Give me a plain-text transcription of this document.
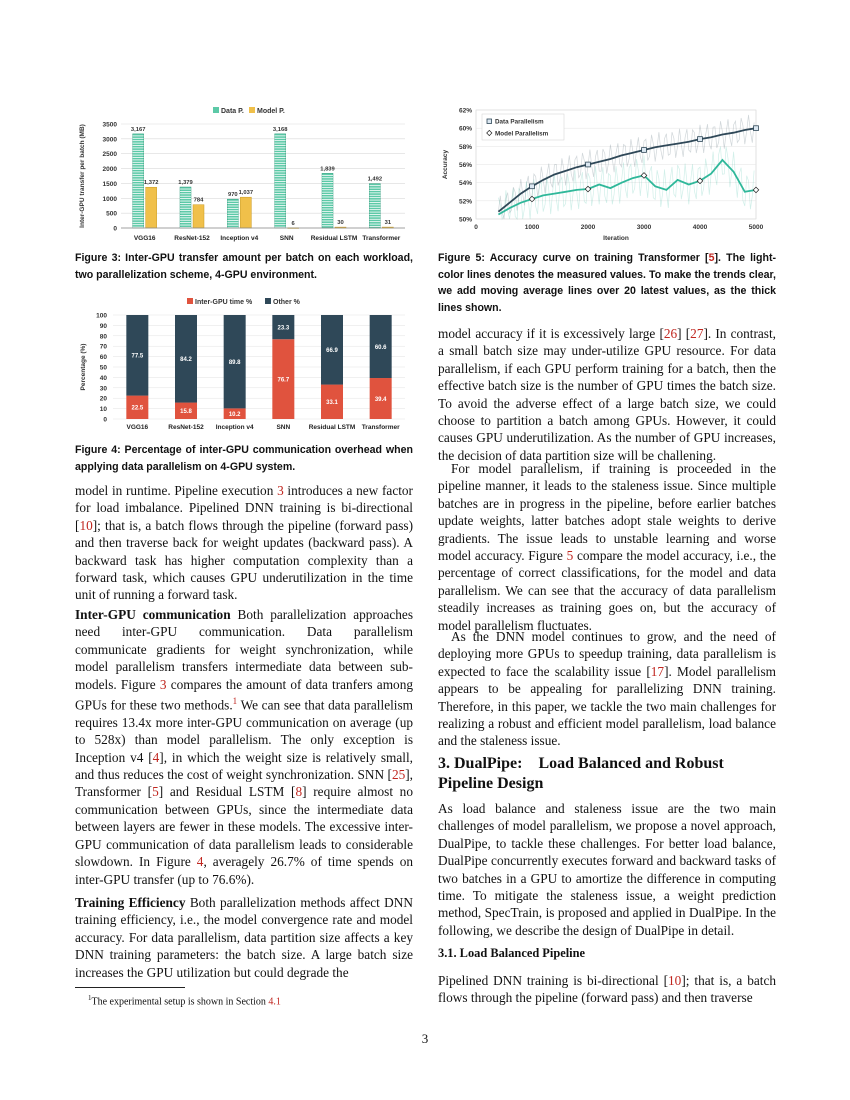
Data P. Model P.
0
500
1000
1500
2000
2500
3000
3500
Inter-GPU transfer per batch (MB)	3,167
1,372
VGG16
1,379
784
ResNet-152
970 1,037
Inception v4
3,168
6
SNN
1,839
30
Residual LSTM
1,492
31
Transformer
Figure 3: Inter-GPU transfer amount per batch on each workload, two parallelization scheme, 4-GPU environment.
Inter-GPU time %	Other %
0
10
20
30
40
50
60
70
80
90
100
Percentage (%)
22.5
77.5
VGG16
15.8
84.2
ResNet-152
10.2
89.8
Inception v4
76.7
23.3
SNN
33.1
66.9
Residual LSTM
39.4
60.6
Transformer
Figure 4: Percentage of inter-GPU communication overhead when applying data parallelism on 4-GPU system.

model in runtime. Pipeline execution 3 introduces a new factor for load imbalance. Pipelined DNN training is bi-directional [10]; that is, a batch flows through the pipeline (forward pass) and then traverse back for weight updates (backward pass). A backward task has higher computation complexity than a forward task, which causes GPU underutilization in the time unit of running a forward task.

Inter-GPU communication Both parallelization approaches need inter-GPU communication. Data parallelism communicate gradients for weight synchronization, while model parallelism transfers intermediate data between sub-models. Figure 3 compares the amount of data tranfers among GPUs for these two methods.$^1$ We can see that data parallelism requires 13.4x more inter-GPU communication on average (up to 528x) than model parallelism. The only exception is Inception v4 [4], in which the weight size is relatively small, and thus reduces the cost of weight synchronization. SNN [25], Transformer [5] and Residual LSTM [8] require almost no communication between GPUs, since the intermediate data between layers are fewer in these models. The excessive inter-GPU communication of data parallelism leads to considerable slowdown. In Figure 4, averagely 26.7% of time spends on inter-GPU transfer (up to 76.6%).

Training Efficiency Both parallelization methods affect DNN training efficiency, i.e., the model convergence rate and model accuracy. For data parallelism, data partition size affects a key DNN training parameters: the batch size. A large batch size increases the GPU utilization but could degrade the

$^1$The experimental setup is shown in Section 4.1
50%
52%
54%
56%
58%
60%
62%
0	1000	2000	3000	4000	5000
Iteration
Accuracy
Data Parallelism
Model Parallelism
Figure 5: Accuracy curve on training Transformer [5]. The light-color lines denotes the measured values. To make the trends clear, we add moving average lines over 20 latest values, as the thick lines shown.

model accuracy if it is excessively large [26] [27]. In contrast, a small batch size may under-utilize GPU resource. For data parallelism, if each GPU perform training for a batch, then the effective batch size is the number of GPU times the batch size. To avoid the adverse effect of a large batch size, we could choose to partition a batch among GPUs. However, it could causes GPU underutilization. As the number of GPU increases, the decision of data partition size will be challening.

For model parallelism, if training is proceeded in the pipeline manner, it leads to the staleness issue. Since multiple batches are in progress in the pipeline, before earlier batches update weights, latter batches adopt stale weights to derive gradients. The issue leads to unstable learning and worse model accuracy. Figure 5 compare the model accuracy, i.e., the percentage of correct classifications, for the model and data parallelism. We can see that the accuracy of data parallelism steadily increases as training goes on, but the accuracy of model parallelism fluctuates.

As the DNN model continues to grow, and the need of deploying more GPUs to speedup training, data parallelism is expected to face the scalability issue [17]. Model parallelism appears to be appealing for parallelizing DNN training. Therefore, in this paper, we tackle the two main challenges for realizing a robust and efficient model parallelism, load balance and the staleness issue.

3. DualPipe:    Load Balanced and Robust Pipeline Design

As load balance and staleness issue are the two main challenges of model parallelism, we propose a novel approach, DualPipe, to tackle these challenges. For better load balance, DualPipe concurrently executes forward and backward tasks of two batches in a GPU to amortize the difference in computing time. To mitigate the staleness issue, a weight prediction method, SpecTrain, is proposed and applied in DualPipe. In the following, we describe the design of DualPipe in detail.

3.1. Load Balanced Pipeline

Pipelined DNN training is bi-directional [10]; that is, a batch flows through the pipeline (forward pass) and then traverse

3
